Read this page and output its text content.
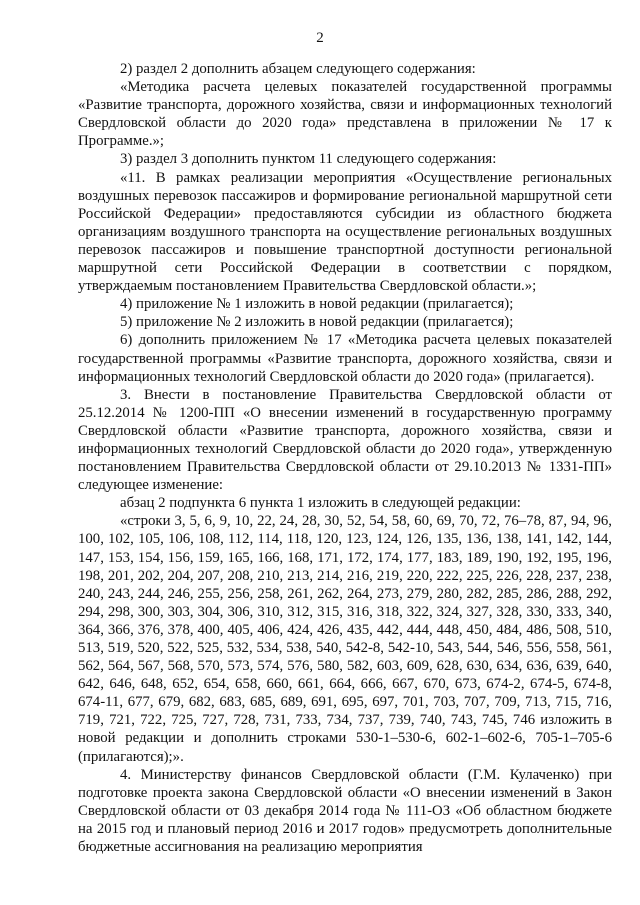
2

2) раздел 2 дополнить абзацем следующего содержания:

«Методика расчета целевых показателей государственной программы «Развитие транспорта, дорожного хозяйства, связи и информационных технологий Свердловской области до 2020 года» представлена в приложении № 17 к Программе.»;

3) раздел 3 дополнить пунктом 11 следующего содержания:

«11. В рамках реализации мероприятия «Осуществление региональных воздушных перевозок пассажиров и формирование региональной маршрутной сети Российской Федерации» предоставляются субсидии из областного бюджета организациям воздушного транспорта на осуществление региональных воздушных перевозок пассажиров и повышение транспортной доступности региональной маршрутной сети Российской Федерации в соответствии с порядком, утверждаемым постановлением Правительства Свердловской области.»;

4) приложение № 1 изложить в новой редакции (прилагается);

5) приложение № 2 изложить в новой редакции (прилагается);

6) дополнить приложением № 17 «Методика расчета целевых показателей государственной программы «Развитие транспорта, дорожного хозяйства, связи и информационных технологий Свердловской области до 2020 года» (прилагается).

3. Внести в постановление Правительства Свердловской области от 25.12.2014 № 1200-ПП «О внесении изменений в государственную программу Свердловской области «Развитие транспорта, дорожного хозяйства, связи и информационных технологий Свердловской области до 2020 года», утвержденную постановлением Правительства Свердловской области от 29.10.2013 № 1331-ПП» следующее изменение:

абзац 2 подпункта 6 пункта 1 изложить в следующей редакции:

«строки 3, 5, 6, 9, 10, 22, 24, 28, 30, 52, 54, 58, 60, 69, 70, 72, 76–78, 87, 94, 96, 100, 102, 105, 106, 108, 112, 114, 118, 120, 123, 124, 126, 135, 136, 138, 141, 142, 144, 147, 153, 154, 156, 159, 165, 166, 168, 171, 172, 174, 177, 183, 189, 190, 192, 195, 196, 198, 201, 202, 204, 207, 208, 210, 213, 214, 216, 219, 220, 222, 225, 226, 228, 237, 238, 240, 243, 244, 246, 255, 256, 258, 261, 262, 264, 273, 279, 280, 282, 285, 286, 288, 292, 294, 298, 300, 303, 304, 306, 310, 312, 315, 316, 318, 322, 324, 327, 328, 330, 333, 340, 364, 366, 376, 378, 400, 405, 406, 424, 426, 435, 442, 444, 448, 450, 484, 486, 508, 510, 513, 519, 520, 522, 525, 532, 534, 538, 540, 542-8, 542-10, 543, 544, 546, 556, 558, 561, 562, 564, 567, 568, 570, 573, 574, 576, 580, 582, 603, 609, 628, 630, 634, 636, 639, 640, 642, 646, 648, 652, 654, 658, 660, 661, 664, 666, 667, 670, 673, 674-2, 674-5, 674-8, 674-11, 677, 679, 682, 683, 685, 689, 691, 695, 697, 701, 703, 707, 709, 713, 715, 716, 719, 721, 722, 725, 727, 728, 731, 733, 734, 737, 739, 740, 743, 745, 746 изложить в новой редакции и дополнить строками 530-1–530-6, 602-1–602-6, 705-1–705-6 (прилагаются);».

4. Министерству финансов Свердловской области (Г.М. Кулаченко) при подготовке проекта закона Свердловской области «О внесении изменений в Закон Свердловской области от 03 декабря 2014 года № 111-ОЗ «Об областном бюджете на 2015 год и плановый период 2016 и 2017 годов» предусмотреть дополнительные бюджетные ассигнования на реализацию мероприятия
